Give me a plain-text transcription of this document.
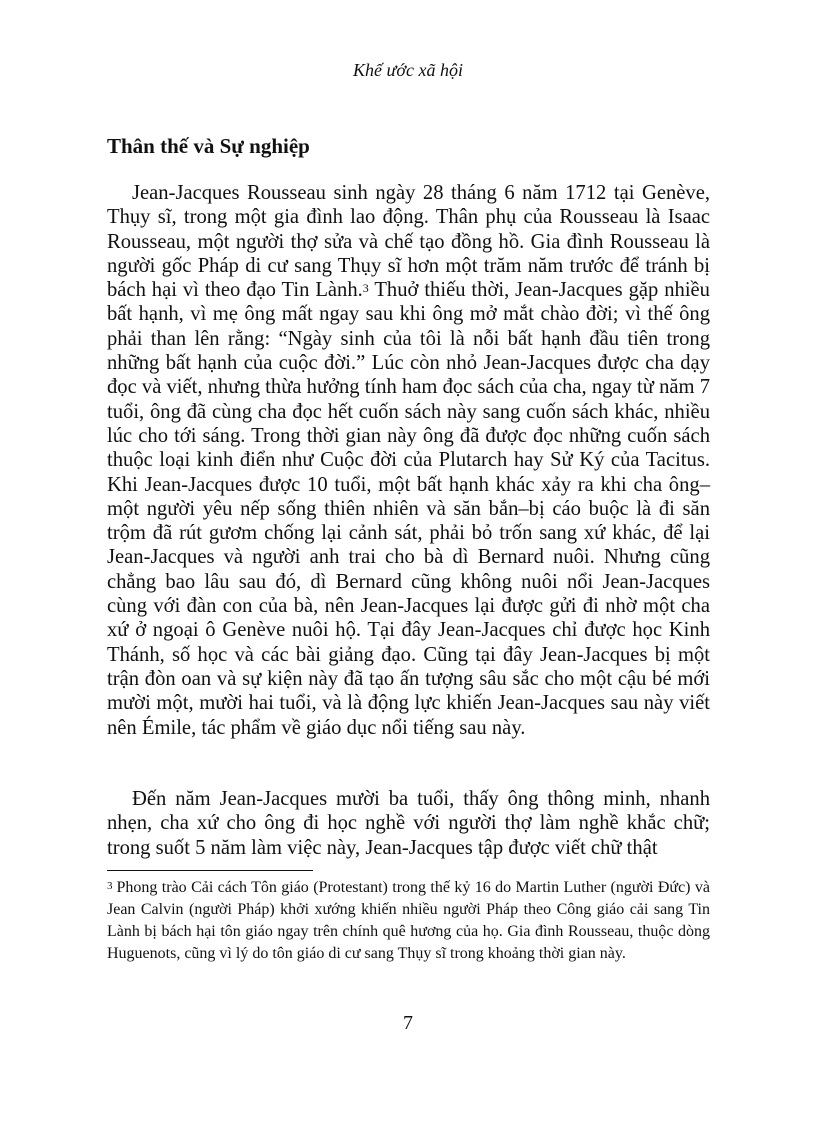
Khế ước xã hội
Thân thế và Sự nghiệp

Jean-Jacques Rousseau sinh ngày 28 tháng 6 năm 1712 tại Genève, Thụy sĩ, trong một gia đình lao động. Thân phụ của Rousseau là Isaac Rousseau, một người thợ sửa và chế tạo đồng hồ. Gia đình Rousseau là người gốc Pháp di cư sang Thụy sĩ hơn một trăm năm trước để tránh bị bách hại vì theo đạo Tin Lành.$^3$ Thuở thiếu thời, Jean-Jacques gặp nhiều bất hạnh, vì mẹ ông mất ngay sau khi ông mở mắt chào đời; vì thế ông phải than lên rằng: “Ngày sinh của tôi là nỗi bất hạnh đầu tiên trong những bất hạnh của cuộc đời.” Lúc còn nhỏ Jean-Jacques được cha dạy đọc và viết, nhưng thừa hưởng tính ham đọc sách của cha, ngay từ năm 7 tuổi, ông đã cùng cha đọc hết cuốn sách này sang cuốn sách khác, nhiều lúc cho tới sáng. Trong thời gian này ông đã được đọc những cuốn sách thuộc loại kinh điển như Cuộc đời của Plutarch hay Sử Ký của Tacitus. Khi Jean-Jacques được 10 tuổi, một bất hạnh khác xảy ra khi cha ông–một người yêu nếp sống thiên nhiên và săn bắn–bị cáo buộc là đi săn trộm đã rút gươm chống lại cảnh sát, phải bỏ trốn sang xứ khác, để lại Jean-Jacques và người anh trai cho bà dì Bernard nuôi. Nhưng cũng chẳng bao lâu sau đó, dì Bernard cũng không nuôi nổi Jean-Jacques cùng với đàn con của bà, nên Jean-Jacques lại được gửi đi nhờ một cha xứ ở ngoại ô Genève nuôi hộ. Tại đây Jean-Jacques chỉ được học Kinh Thánh, số học và các bài giảng đạo. Cũng tại đây Jean-Jacques bị một trận đòn oan và sự kiện này đã tạo ấn tượng sâu sắc cho một cậu bé mới mười một, mười hai tuổi, và là động lực khiến Jean-Jacques sau này viết nên Émile, tác phẩm về giáo dục nổi tiếng sau này.

Đến năm Jean-Jacques mười ba tuổi, thấy ông thông minh, nhanh nhẹn, cha xứ cho ông đi học nghề với người thợ làm nghề khắc chữ; trong suốt 5 năm làm việc này, Jean-Jacques tập được viết chữ thật

$^3$ Phong trào Cải cách Tôn giáo (Protestant) trong thế kỷ 16 do Martin Luther (người Đức) và Jean Calvin (người Pháp) khởi xướng khiến nhiều người Pháp theo Công giáo cải sang Tin Lành bị bách hại tôn giáo ngay trên chính quê hương của họ. Gia đình Rousseau, thuộc dòng Huguenots, cũng vì lý do tôn giáo di cư sang Thụy sĩ trong khoảng thời gian này.

7
